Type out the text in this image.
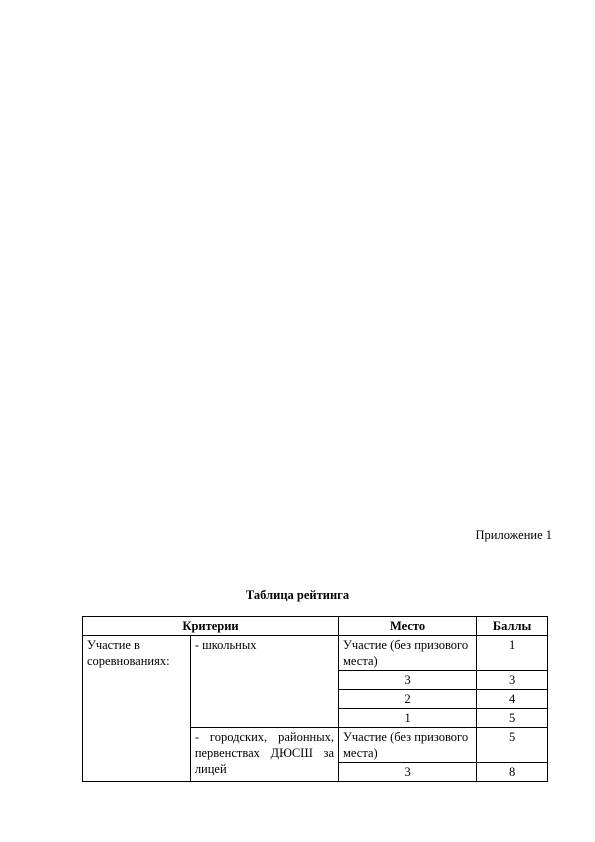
Приложение 1
Таблица рейтинга
Критерии		Место	Баллы
Участие в соревнованиях:	- школьных	Участие (без призового места)	1
		3	3
		2	4
		1	5
	- городских, районных, первенствах ДЮСШ за лицей	Участие (без призового места)	5
		3	8
